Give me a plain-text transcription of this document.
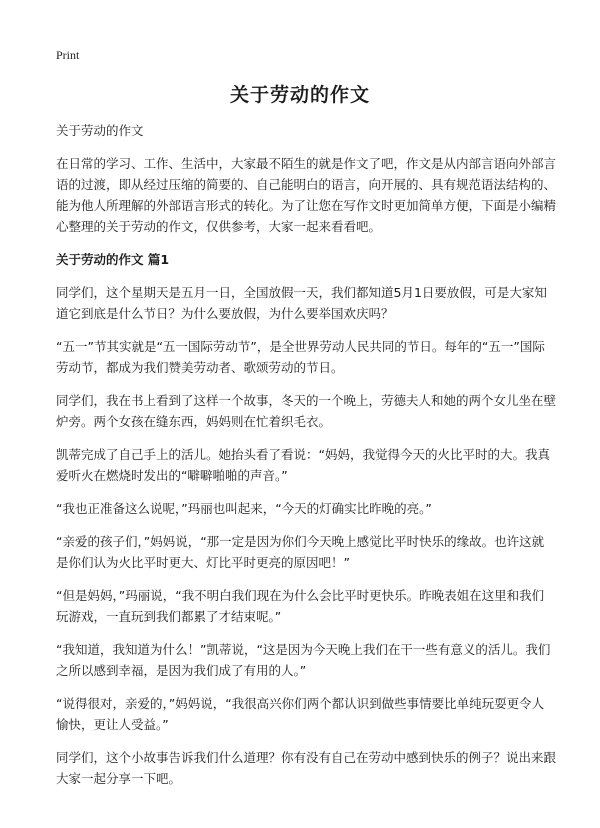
Print
关于劳动的作文

关于劳动的作文

在日常的学习、工作、生活中，大家最不陌生的就是作文了吧，作文是从内部言语向外部言语的过渡，即从经过压缩的简要的、自己能明白的语言，向开展的、具有规范语法结构的、能为他人所理解的外部语言形式的转化。为了让您在写作文时更加简单方便，下面是小编精心整理的关于劳动的作文，仅供参考，大家一起来看看吧。

关于劳动的作文 篇1

同学们，这个星期天是五月一日，全国放假一天，我们都知道5月1日要放假，可是大家知道它到底是什么节日？为什么要放假，为什么要举国欢庆吗？

“五一”节其实就是“五一国际劳动节”，是全世界劳动人民共同的节日。每年的“五一”国际劳动节，都成为我们赞美劳动者、歌颂劳动的节日。

同学们，我在书上看到了这样一个故事，冬天的一个晚上，劳德夫人和她的两个女儿坐在壁炉旁。两个女孩在缝东西，妈妈则在忙着织毛衣。

凯蒂完成了自己手上的活儿。她抬头看了看说：“妈妈，我觉得今天的火比平时的大。我真爱听火在燃烧时发出的“噼噼啪啪的声音。”

“我也正准备这么说呢，”玛丽也叫起来，“今天的灯确实比昨晚的亮。”

“亲爱的孩子们，”妈妈说，“那一定是因为你们今天晚上感觉比平时快乐的缘故。也许这就是你们认为火比平时更大、灯比平时更亮的原因吧！”

“但是妈妈，”玛丽说，“我不明白我们现在为什么会比平时更快乐。昨晚表姐在这里和我们玩游戏，一直玩到我们都累了才结束呢。”

“我知道，我知道为什么！”凯蒂说，“这是因为今天晚上我们在干一些有意义的活儿。我们之所以感到幸福，是因为我们成了有用的人。”

“说得很对，亲爱的，”妈妈说，“我很高兴你们两个都认识到做些事情要比单纯玩耍更令人愉快，更让人受益。”

同学们，这个小故事告诉我们什么道理？你有没有自己在劳动中感到快乐的例子？说出来跟大家一起分享一下吧。
